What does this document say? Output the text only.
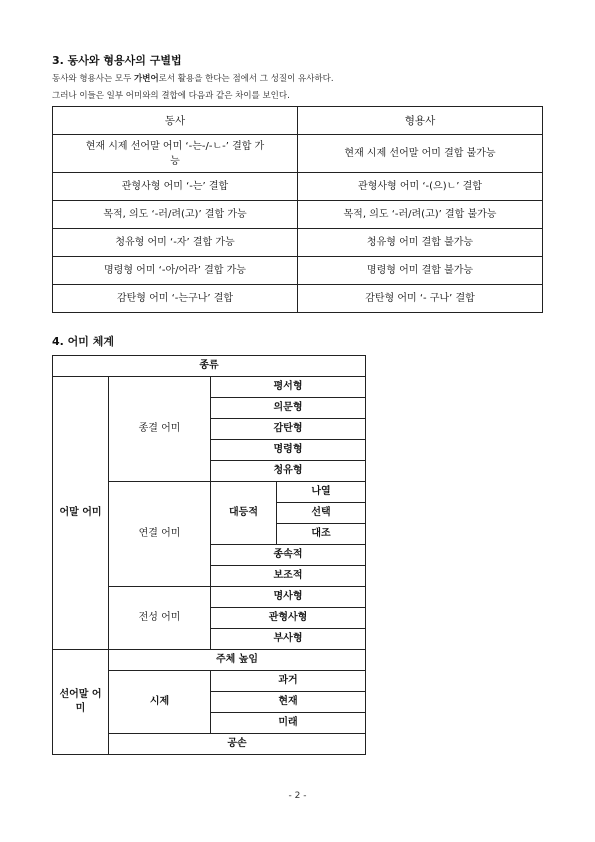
3. 동사와 형용사의 구별법
동사와 형용사는 모두 가변어로서 활용을 한다는 점에서 그 성질이 유사하다.
그러나 이들은 일부 어미와의 결합에 다음과 같은 차이를 보인다.
동사	형용사
현재 시제 선어말 어미 ‘-는-/-ㄴ-’ 결합 가능	현재 시제 선어말 어미 결합 불가능
관형사형 어미 ‘-는’ 결합	관형사형 어미 ‘-(으)ㄴ’ 결합
목적, 의도 ‘-러/려(고)’ 결합 가능	목적, 의도 ‘-러/려(고)’ 결합 불가능
청유형 어미 ‘-자’ 결합 가능	청유형 어미 결합 불가능
명령형 어미 ‘-아/어라’ 결합 가능	명령형 어미 결합 불가능
감탄형 어미 ‘-는구나’ 결합	감탄형 어미 ‘- 구나’ 결합
4. 어미 체계
종류			
어말 어미	종결 어미	평서형	
		의문형	
		감탄형	
		명령형	
		청유형	
	연결 어미	대등적	나열
			선택
			대조
		종속적	
		보조적	
	전성 어미	명사형	
		관형사형	
		부사형	
선어말 어미	주체 높임		
	시제	과거	
		현재	
		미래	
	공손		
- 2 -
